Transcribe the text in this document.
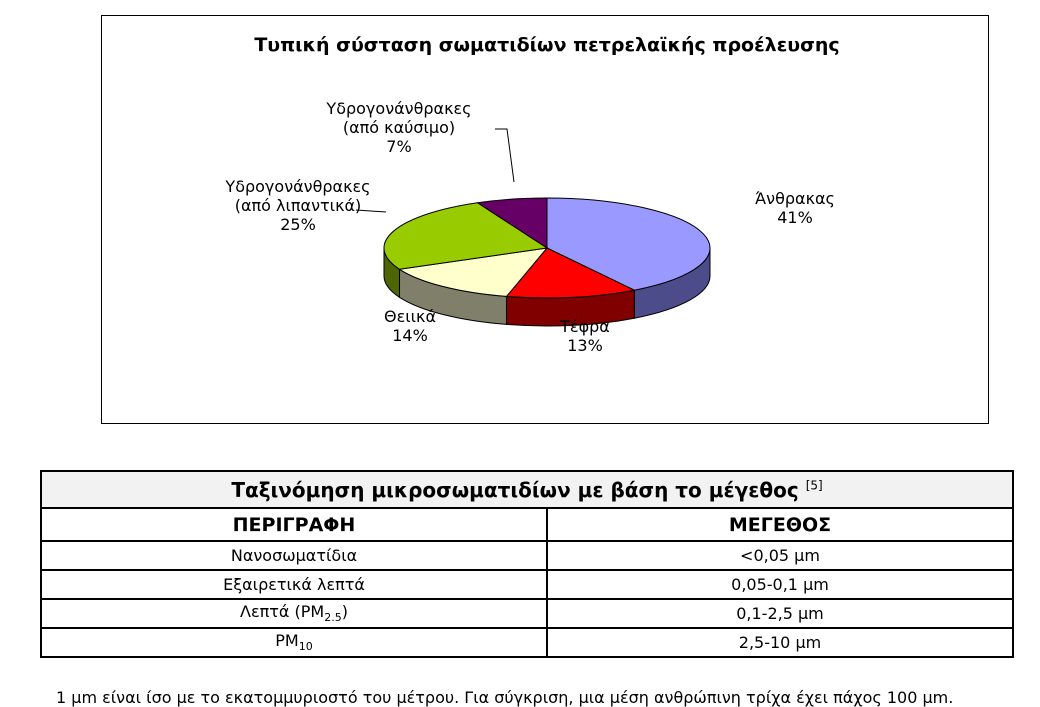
Τυπική σύσταση σωματιδίων πετρελαϊκής προέλευσης
Άνθρακας 41%
Τέφρα 13%
Θειικά 14%
Υδρογονάνθρακες (από λιπαντικά) 25%
Υδρογονάνθρακες (από καύσιμο) 7%
Ταξινόμηση μικροσωματιδίων με βάση το μέγεθος [5]
ΠΕΡΙΓΡΑΦΗ	ΜΕΓΕΘΟΣ
Νανοσωματίδια	<0,05 μm
Εξαιρετικά λεπτά	0,05-0,1 μm
Λεπτά $(PM_{2.5})$	0,1-2,5 μm
$PM_{10}$	2,5-10 μm
1 μm είναι ίσο με το εκατομμυριοστό του μέτρου. Για σύγκριση, μια μέση ανθρώπινη τρίχα έχει πάχος 100 μm.
